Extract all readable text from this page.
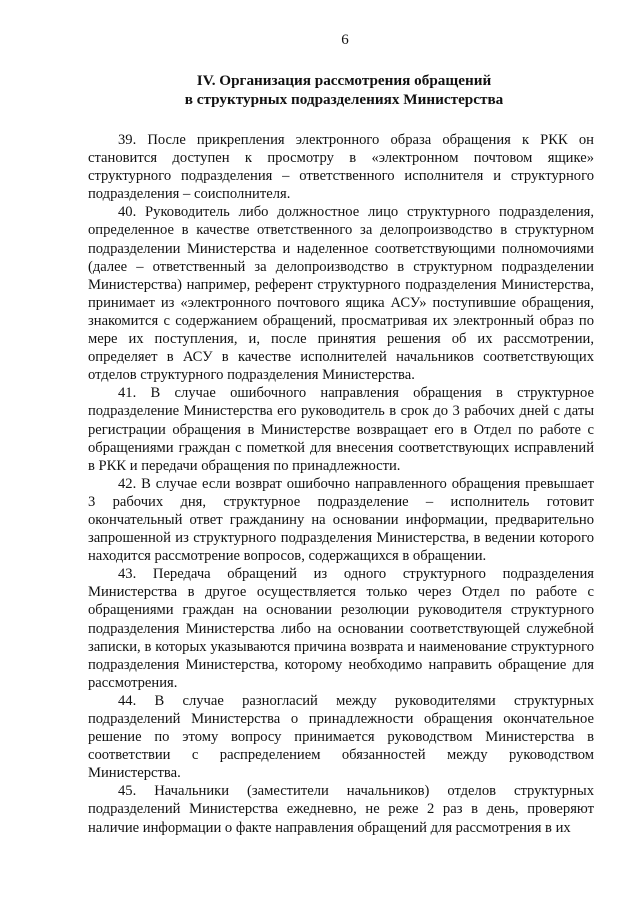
6
IV. Организация рассмотрения обращений
в структурных подразделениях Министерства

39. После прикрепления электронного образа обращения к РКК он становится доступен к просмотру в «электронном почтовом ящике» структурного подразделения – ответственного исполнителя и структурного подразделения – соисполнителя.

40. Руководитель либо должностное лицо структурного подразделения, определенное в качестве ответственного за делопроизводство в структурном подразделении Министерства и наделенное соответствующими полномочиями (далее – ответственный за делопроизводство в структурном подразделении Министерства) например, референт структурного подразделения Министерства, принимает из «электронного почтового ящика АСУ» поступившие обращения, знакомится с содержанием обращений, просматривая их электронный образ по мере их поступления, и, после принятия решения об их рассмотрении, определяет в АСУ в качестве исполнителей начальников соответствующих отделов структурного подразделения Министерства.

41. В случае ошибочного направления обращения в структурное подразделение Министерства его руководитель в срок до 3 рабочих дней с даты регистрации обращения в Министерстве возвращает его в Отдел по работе с обращениями граждан с пометкой для внесения соответствующих исправлений в РКК и передачи обращения по принадлежности.

42. В случае если возврат ошибочно направленного обращения превышает 3 рабочих дня, структурное подразделение – исполнитель готовит окончательный ответ гражданину на основании информации, предварительно запрошенной из структурного подразделения Министерства, в ведении которого находится рассмотрение вопросов, содержащихся в обращении.

43. Передача обращений из одного структурного подразделения Министерства в другое осуществляется только через Отдел по работе с обращениями граждан на основании резолюции руководителя структурного подразделения Министерства либо на основании соответствующей служебной записки, в которых указываются причина возврата и наименование структурного подразделения Министерства, которому необходимо направить обращение для рассмотрения.

44. В случае разногласий между руководителями структурных подразделений Министерства о принадлежности обращения окончательное решение по этому вопросу принимается руководством Министерства в соответствии с распределением обязанностей между руководством Министерства.

45. Начальники (заместители начальников) отделов структурных подразделений Министерства ежедневно, не реже 2 раз в день, проверяют наличие информации о факте направления обращений для рассмотрения в их
